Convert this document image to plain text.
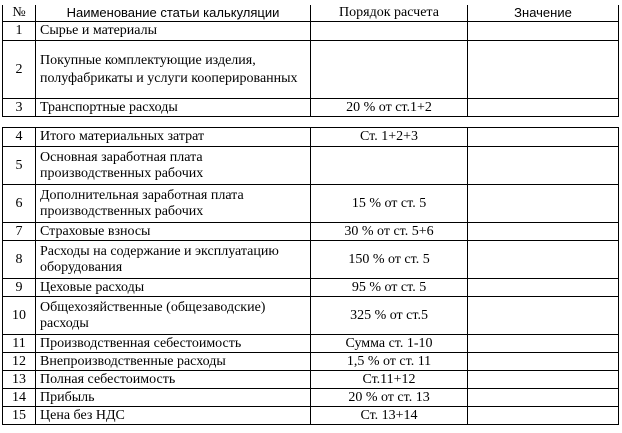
№	Наименование статьи калькуляции	Порядок расчета	Значение
1	Сырье и материалы		
2	Покупные комплектующие изделия, полуфабрикаты и услуги кооперированных		
3	Транспортные расходы	20 % от ст.1+2	
4	Итого материальных затрат	Ст. 1+2+3	
5	Основная заработная плата производственных рабочих		
6	Дополнительная заработная плата производственных рабочих	15 % от ст. 5	
7	Страховые взносы	30 % от ст. 5+6	
8	Расходы на содержание и эксплуатацию оборудования	150 % от ст. 5	
9	Цеховые расходы	95 % от ст. 5	
10	Общехозяйственные (общезаводские) расходы	325 % от ст.5	
11	Производственная себестоимость	Сумма ст. 1-10	
12	Внепроизводственные расходы	1,5 % от ст. 11	
13	Полная себестоимость	Ст.11+12	
14	Прибыль	20 % от ст. 13	
15	Цена без НДС	Ст. 13+14	
